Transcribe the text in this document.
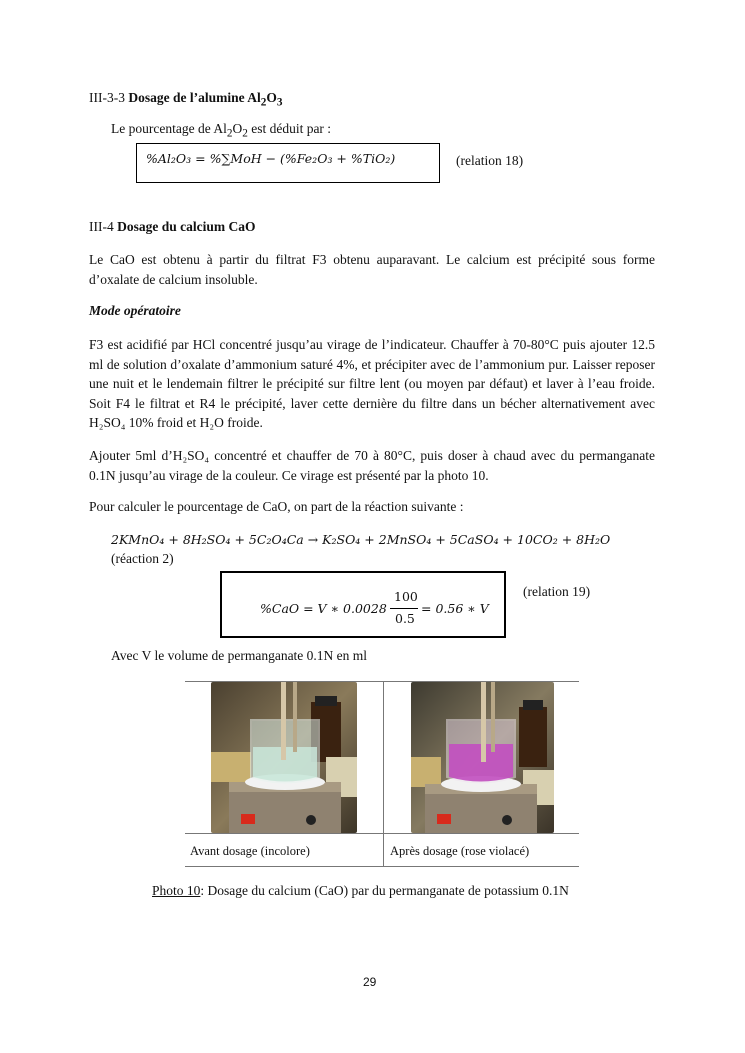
III-3-3 Dosage de l’alumine $Al_2O_3$
Le pourcentage de $Al_2O_2$ est déduit par :
%Al₂O₃ = %∑MoH − (%Fe₂O₃ + %TiO₂)	(relation 18)
III-4 Dosage du calcium CaO
Le CaO est obtenu à partir du filtrat F3 obtenu auparavant. Le calcium est précipité sous forme d’oxalate de calcium insoluble.
Mode opératoire
F3 est acidifié par HCl concentré jusqu’au virage de l’indicateur. Chauffer à 70-80°C puis ajouter 12.5 ml de solution d’oxalate d’ammonium saturé 4%, et précipiter avec de l’ammonium pur. Laisser reposer une nuit et le lendemain filtrer le précipité sur filtre lent (ou moyen par défaut) et laver à l’eau froide. Soit F4 le filtrat et R4 le précipité, laver cette dernière du filtre dans un bécher alternativement avec H₂SO₄ 10% froid et H₂O froide.
Ajouter 5ml d’H₂SO₄ concentré et chauffer de 70 à 80°C, puis doser à chaud avec du permanganate 0.1N jusqu’au virage de la couleur. Ce virage est présenté par la photo 10.
Pour calculer le pourcentage de CaO, on part de la réaction suivante :
2KMnO₄ + 8H₂SO₄ + 5C₂O₄Ca → K₂SO₄ + 2MnSO₄ + 5CaSO₄ + 10CO₂ + 8H₂O
(réaction 2)
%CaO = V ∗ 0.0028
100
0.5
= 0.56 ∗ V
(relation 19)
Avec V le volume de permanganate 0.1N en ml
Avant dosage (incolore)	Après dosage (rose violacé)
Photo 10: Dosage du calcium (CaO) par du permanganate de potassium 0.1N
29
